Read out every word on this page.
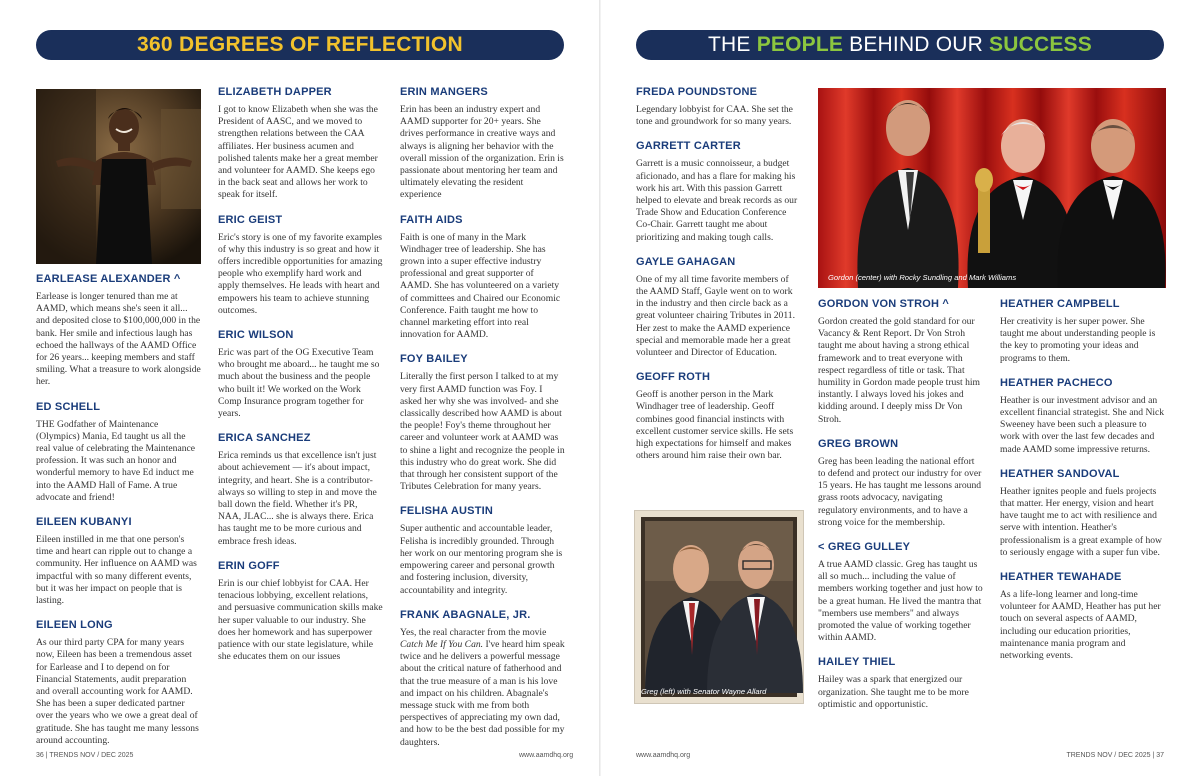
360 DEGREES OF REFLECTION
EARLEASE ALEXANDER ^

Earlease is longer tenured than me at AAMD, which means she's seen it all... and deposited close to $100,000,000 in the bank. Her smile and infectious laugh has echoed the hallways of the AAMD Office for 26 years... keeping members and staff smiling. What a treasure to work alongside her.

ED SCHELL

THE Godfather of Maintenance (Olympics) Mania, Ed taught us all the real value of celebrating the Maintenance profession. It was such an honor and wonderful memory to have Ed induct me into the AAMD Hall of Fame. A true advocate and friend!

EILEEN KUBANYI

Eileen instilled in me that one person's time and heart can ripple out to change a community. Her influence on AAMD was impactful with so many different events, but it was her impact on people that is lasting.

EILEEN LONG

As our third party CPA for many years now, Eileen has been a tremendous asset for Earlease and I to depend on for Financial Statements, audit preparation and overall accounting work for AAMD. She has been a super dedicated partner over the years who we owe a great deal of gratitude. She has taught me many lessons around accounting.

ELIZABETH DAPPER

I got to know Elizabeth when she was the President of AASC, and we moved to strengthen relations between the CAA affiliates. Her business acumen and polished talents make her a great member and volunteer for AAMD. She keeps ego in the back seat and allows her work to speak for itself.

ERIC GEIST

Eric's story is one of my favorite examples of why this industry is so great and how it offers incredible opportunities for amazing people who exemplify hard work and apply themselves. He leads with heart and empowers his team to achieve stunning outcomes.

ERIC WILSON

Eric was part of the OG Executive Team who brought me aboard... he taught me so much about the business and the people who built it! We worked on the Work Comp Insurance program together for years.

ERICA SANCHEZ

Erica reminds us that excellence isn't just about achievement — it's about impact, integrity, and heart. She is a contributor- always so willing to step in and move the ball down the field. Whether it's PR, NAA, JLAC... she is always there. Erica has taught me to be more curious and embrace fresh ideas.

ERIN GOFF

Erin is our chief lobbyist for CAA. Her tenacious lobbying, excellent relations, and persuasive communication skills make her super valuable to our industry. She does her homework and has superpower patience with our state legislature, while she educates them on our issues

ERIN MANGERS

Erin has been an industry expert and AAMD supporter for 20+ years. She drives performance in creative ways and always is aligning her behavior with the overall mission of the organization. Erin is passionate about mentoring her team and ultimately elevating the resident experience

FAITH AIDS

Faith is one of many in the Mark Windhager tree of leadership. She has grown into a super effective industry professional and great supporter of AAMD. She has volunteered on a variety of committees and Chaired our Economic Conference. Faith taught me how to channel marketing effort into real innovation for AAMD.

FOY BAILEY

Literally the first person I talked to at my very first AAMD function was Foy. I asked her why she was involved- and she classically described how AAMD is about the people! Foy's theme throughout her career and volunteer work at AAMD was to shine a light and recognize the people in this industry who do great work. She did that through her consistent support of the Tributes Celebration for many years.

FELISHA AUSTIN

Super authentic and accountable leader, Felisha is incredibly grounded. Through her work on our mentoring program she is empowering career and personal growth and fostering inclusion, diversity, accountability and integrity.

FRANK ABAGNALE, JR.

Yes, the real character from the movie Catch Me If You Can. I've heard him speak twice and he delivers a powerful message about the critical nature of fatherhood and that the true measure of a man is his love and impact on his children. Abagnale's message stuck with me from both perspectives of appreciating my own dad, and how to be the best dad possible for my daughters.

36 | TRENDS NOV / DEC 2025	www.aamdhq.org
THE
PEOPLE
BEHIND OUR
SUCCESS
FREDA POUNDSTONE

Legendary lobbyist for CAA. She set the tone and groundwork for so many years.

GARRETT CARTER

Garrett is a music connoisseur, a budget aficionado, and has a flare for making his work his art. With this passion Garrett helped to elevate and break records as our Trade Show and Education Conference Co-Chair. Garrett taught me about prioritizing and making tough calls.

GAYLE GAHAGAN

One of my all time favorite members of the AAMD Staff, Gayle went on to work in the industry and then circle back as a great volunteer chairing Tributes in 2011. Her zest to make the AAMD experience special and memorable made her a great volunteer and Director of Education.

GEOFF ROTH

Geoff is another person in the Mark Windhager tree of leadership. Geoff combines good financial instincts with excellent customer service skills. He sets high expectations for himself and makes others around him raise their own bar.

Gordon (center) with Rocky Sundling and Mark Williams
GORDON VON STROH ^

Gordon created the gold standard for our Vacancy & Rent Report. Dr Von Stroh taught me about having a strong ethical framework and to treat everyone with respect regardless of title or task. That humility in Gordon made people trust him instantly. I always loved his jokes and kidding around. I deeply miss Dr Von Stroh.

GREG BROWN

Greg has been leading the national effort to defend and protect our industry for over 15 years. He has taught me lessons around grass roots advocacy, navigating regulatory environments, and to have a strong voice for the membership.

< GREG GULLEY

A true AAMD classic. Greg has taught us all so much... including the value of members working together and just how to be a great human. He lived the mantra that "members use members" and always promoted the value of working together within AAMD.

HAILEY THIEL

Hailey was a spark that energized our organization. She taught me to be more optimistic and opportunistic.

HEATHER CAMPBELL

Her creativity is her super power. She taught me about understanding people is the key to promoting your ideas and programs to them.

HEATHER PACHECO

Heather is our investment advisor and an excellent financial strategist. She and Nick Sweeney have been such a pleasure to work with over the last few decades and made AAMD some impressive returns.

HEATHER SANDOVAL

Heather ignites people and fuels projects that matter. Her energy, vision and heart have taught me to act with resilience and serve with intention. Heather's professionalism is a great example of how to seriously engage with a super fun vibe.

HEATHER TEWAHADE

As a life-long learner and long-time volunteer for AAMD, Heather has put her touch on several aspects of AAMD, including our education priorities, maintenance mania program and networking events.

Greg (left) with Senator Wayne Allard
www.aamdhq.org	TRENDS NOV / DEC 2025 | 37
